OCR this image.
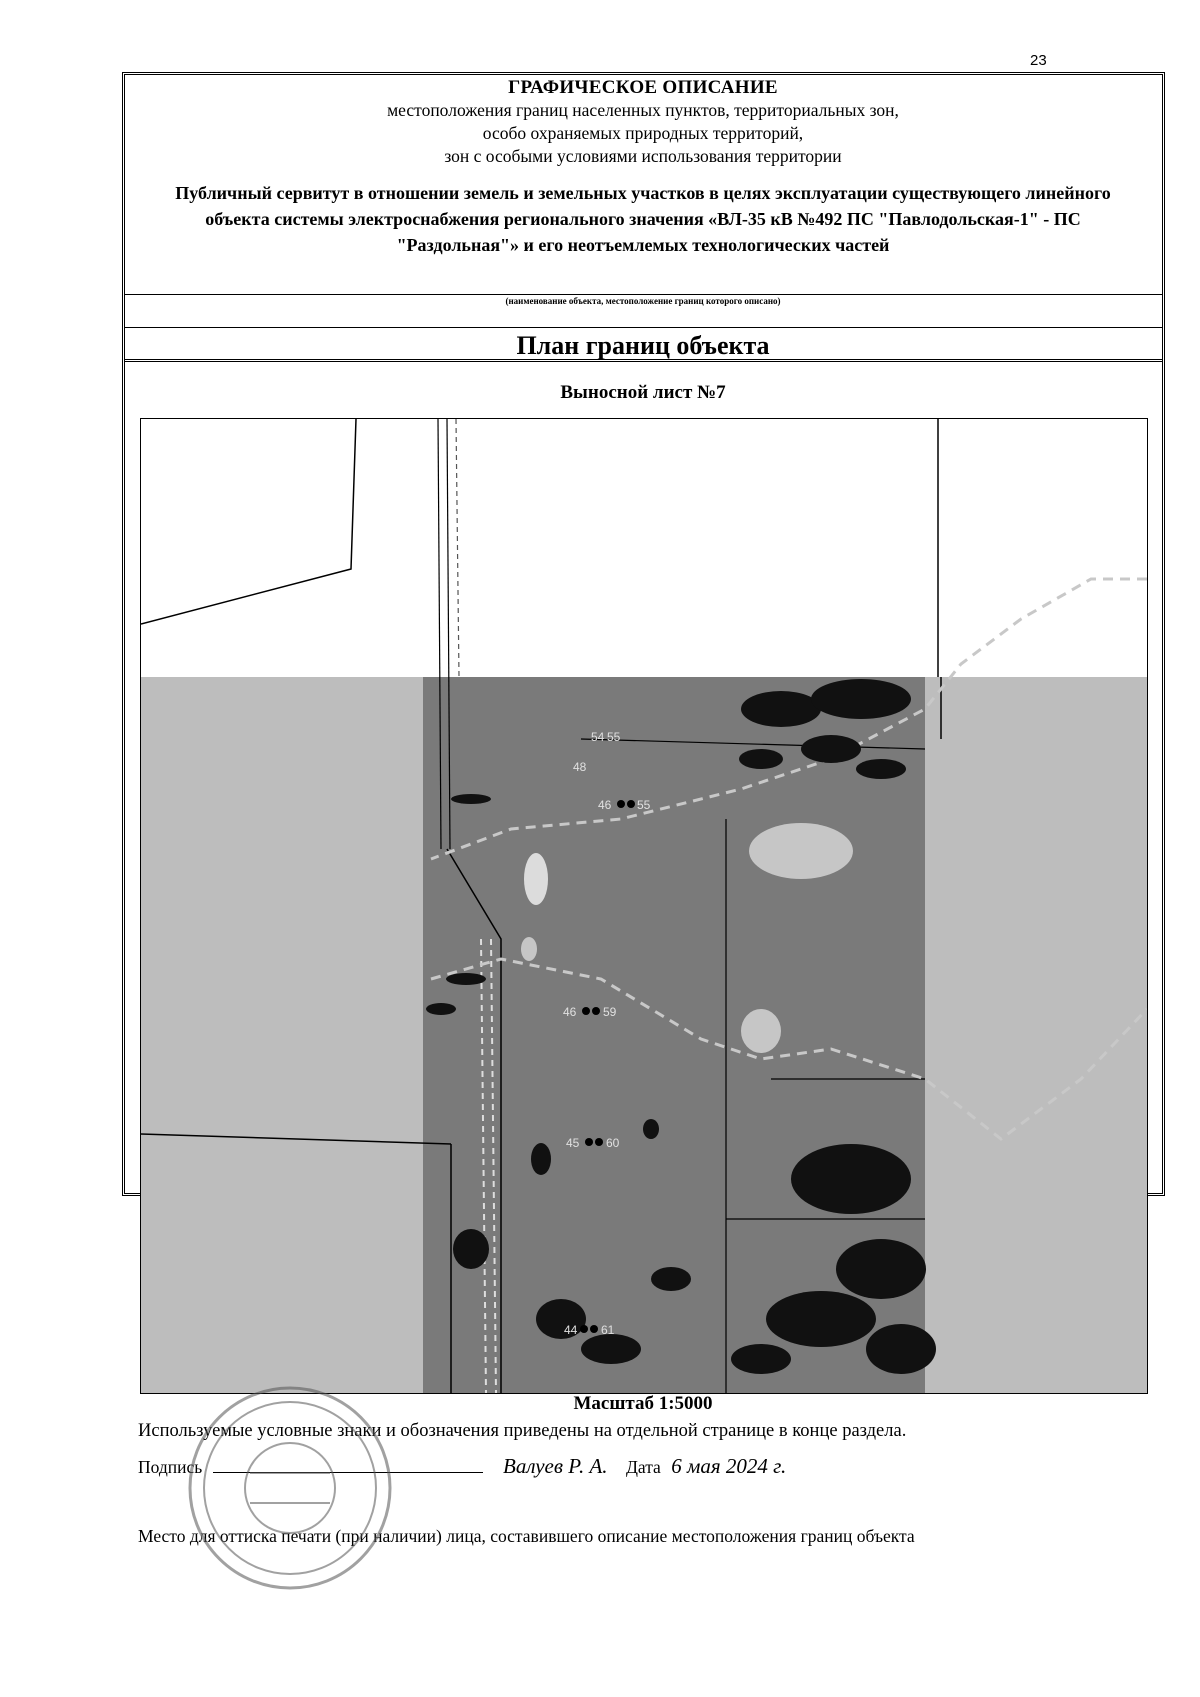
23
ГРАФИЧЕСКОЕ ОПИСАНИЕ
местоположения границ населенных пунктов, территориальных зон,
особо охраняемых природных территорий,
зон с особыми условиями использования территории
Публичный сервитут в отношении земель и земельных участков в целях эксплуатации существующего линейного объекта системы электроснабжения регионального значения «ВЛ-35 кВ №492 ПС "Павлодольская-1" - ПС "Раздольная"» и его неотъемлемых технологических частей
(наименование объекта, местоположение границ которого описано)
План границ объекта
Выносной лист №7
54 55
48
46 55
46 59
45 60
44 61
Масштаб 1:5000
Используемые условные знаки и обозначения приведены на отдельной странице в конце раздела.
Подпись	Валуев Р. А. Дата 6 мая 2024 г.
Место для оттиска печати (при наличии) лица, составившего описание местоположения границ объекта
